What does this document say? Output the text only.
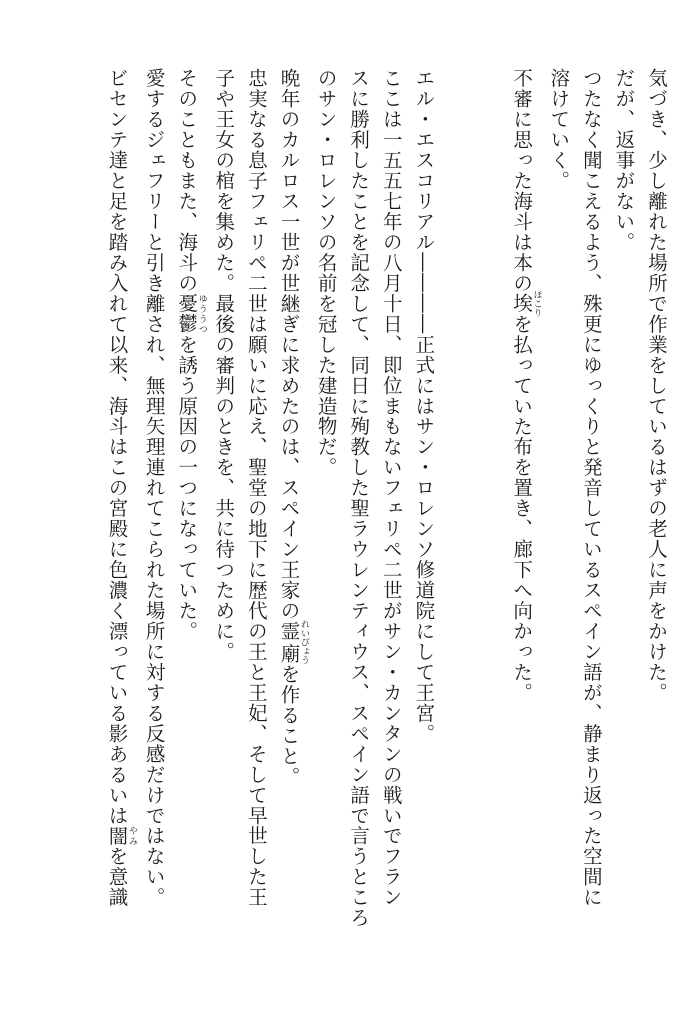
気づき、少し離れた場所で作業をしているはずの老人に声をかけた。

だが、返事がない。

つたなく聞こえるよう、殊更にゆっくりと発音しているスペイン語が、静まり返った空間に

溶けていく。

不審に思った海斗は本の埃ほこりを払っていた布を置き、廊下へ向かった。

エル・エスコリアル――――正式にはサン・ロレンソ修道院にして王宮。

ここは一五五七年の八月十日、即位まもないフェリペ二世がサン・カンタンの戦いでフラン

スに勝利したことを記念して、同日に殉教した聖ラウレンティウス、スペイン語で言うところ

のサン・ロレンソの名前を冠した建造物だ。

晩年のカルロス一世が世継ぎに求めたのは、スペイン王家の霊廟れいびょうを作ること。

忠実なる息子フェリペ二世は願いに応え、聖堂の地下に歴代の王と王妃、そして早世した王

子や王女の棺を集めた。最後の審判のときを、共に待つために。

そのこともまた、海斗の憂鬱ゆううつを誘う原因の一つになっていた。

愛するジェフリーと引き離され、無理矢理連れてこられた場所に対する反感だけではない。

ビセンテ達と足を踏み入れて以来、海斗はこの宮殿に色濃く漂っている影あるいは闇やみを意識
